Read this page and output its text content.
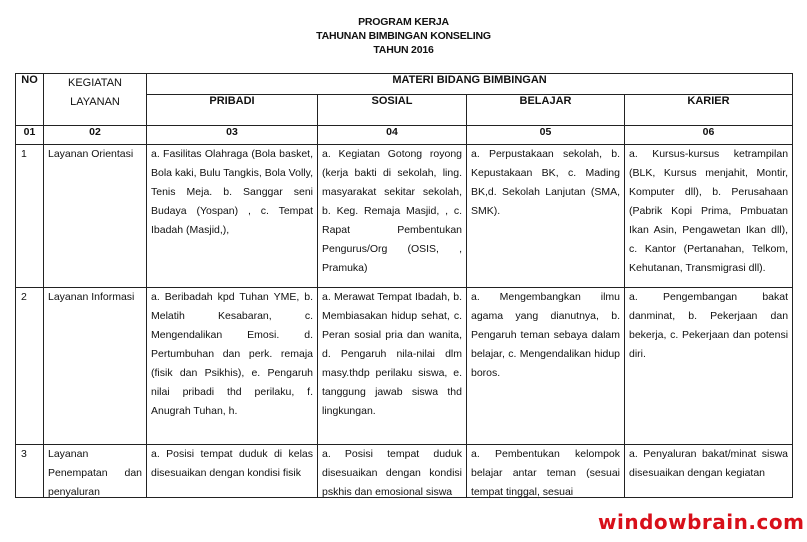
PROGRAM KERJA
TAHUNAN BIMBINGAN KONSELING
TAHUN 2016
NO	KEGIATAN LAYANAN	MATERI BIDANG BIMBINGAN			
		PRIBADI	SOSIAL	BELAJAR	KARIER
01	02	03	04	05	06
1	Layanan Orientasi	a. Fasilitas Olahraga (Bola basket, Bola kaki, Bulu Tangkis, Bola Volly, Tenis Meja. b. Sanggar seni Budaya (Yospan) , c. Tempat Ibadah (Masjid,),	a. Kegiatan Gotong royong (kerja bakti di sekolah, ling. masyarakat sekitar sekolah, b. Keg. Remaja Masjid, , c. Rapat Pembentukan Pengurus/Org (OSIS, , Pramuka)	a. Perpustakaan sekolah, b. Kepustakaan BK, c. Mading BK,d. Sekolah Lanjutan (SMA, SMK).	a. Kursus-kursus ketrampilan (BLK, Kursus menjahit, Montir, Komputer dll), b. Perusahaan (Pabrik Kopi Prima, Pmbuatan Ikan Asin, Pengawetan Ikan dll), c. Kantor (Pertanahan, Telkom, Kehutanan, Transmigrasi dll).
2	Layanan Informasi	a. Beribadah kpd Tuhan YME, b. Melatih Kesabaran, c. Mengendalikan Emosi. d. Pertumbuhan dan perk. remaja (fisik dan Psikhis), e. Pengaruh nilai pribadi thd perilaku, f. Anugrah Tuhan, h.	a. Merawat Tempat Ibadah, b. Membiasakan hidup sehat, c. Peran sosial pria dan wanita, d. Pengaruh nila-nilai dlm masy.thdp perilaku siswa, e. tanggung jawab siswa thd lingkungan.	a. Mengembangkan ilmu agama yang dianutnya, b. Pengaruh teman sebaya dalam belajar, c. Mengendalikan hidup boros.	a. Pengembangan bakat danminat, b. Pekerjaan dan bekerja, c. Pekerjaan dan potensi diri.

3	Layanan Penempatan dan penyaluran	a. Posisi tempat duduk di kelas disesuaikan dengan kondisi fisik	a. Posisi tempat duduk disesuaikan dengan kondisi pskhis dan emosional siswa	a. Pembentukan kelompok belajar antar teman (sesuai tempat tinggal, sesuai	a. Penyaluran bakat/minat siswa disesuaikan dengan kegiatan
windowbrain.com
